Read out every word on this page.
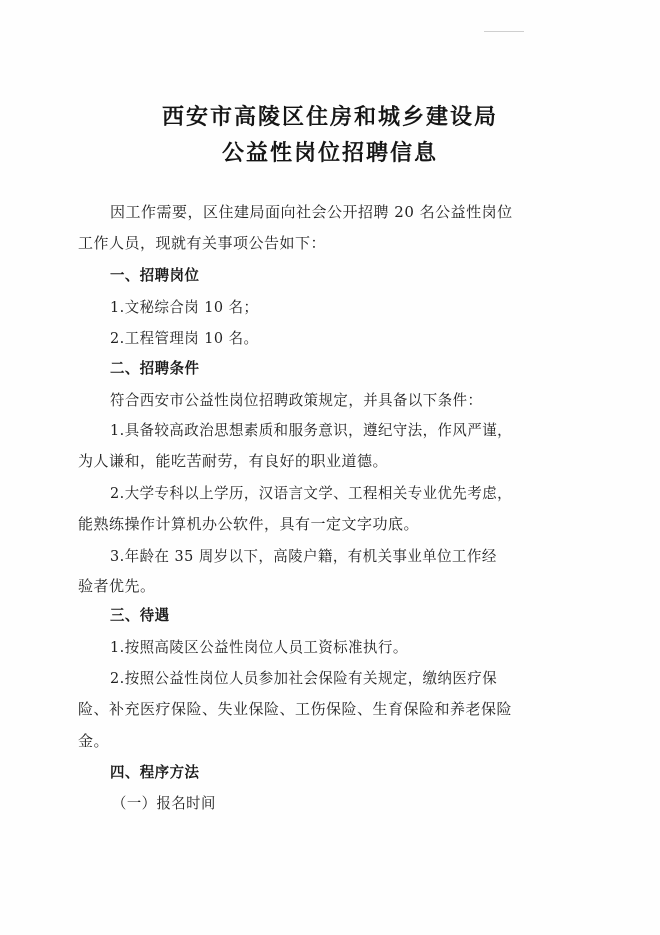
西安市高陵区住房和城乡建设局
公益性岗位招聘信息
因工作需要，区住建局面向社会公开招聘 20 名公益性岗位
工作人员，现就有关事项公告如下：
一、招聘岗位
1.文秘综合岗 10 名；
2.工程管理岗 10 名。
二、招聘条件
符合西安市公益性岗位招聘政策规定，并具备以下条件：
1.具备较高政治思想素质和服务意识，遵纪守法，作风严谨，
为人谦和，能吃苦耐劳，有良好的职业道德。
2.大学专科以上学历，汉语言文学、工程相关专业优先考虑，
能熟练操作计算机办公软件，具有一定文字功底。
3.年龄在 35 周岁以下，高陵户籍，有机关事业单位工作经
验者优先。
三、待遇
1.按照高陵区公益性岗位人员工资标准执行。
2.按照公益性岗位人员参加社会保险有关规定，缴纳医疗保
险、补充医疗保险、失业保险、工伤保险、生育保险和养老保险
金。
四、程序方法
（一）报名时间
